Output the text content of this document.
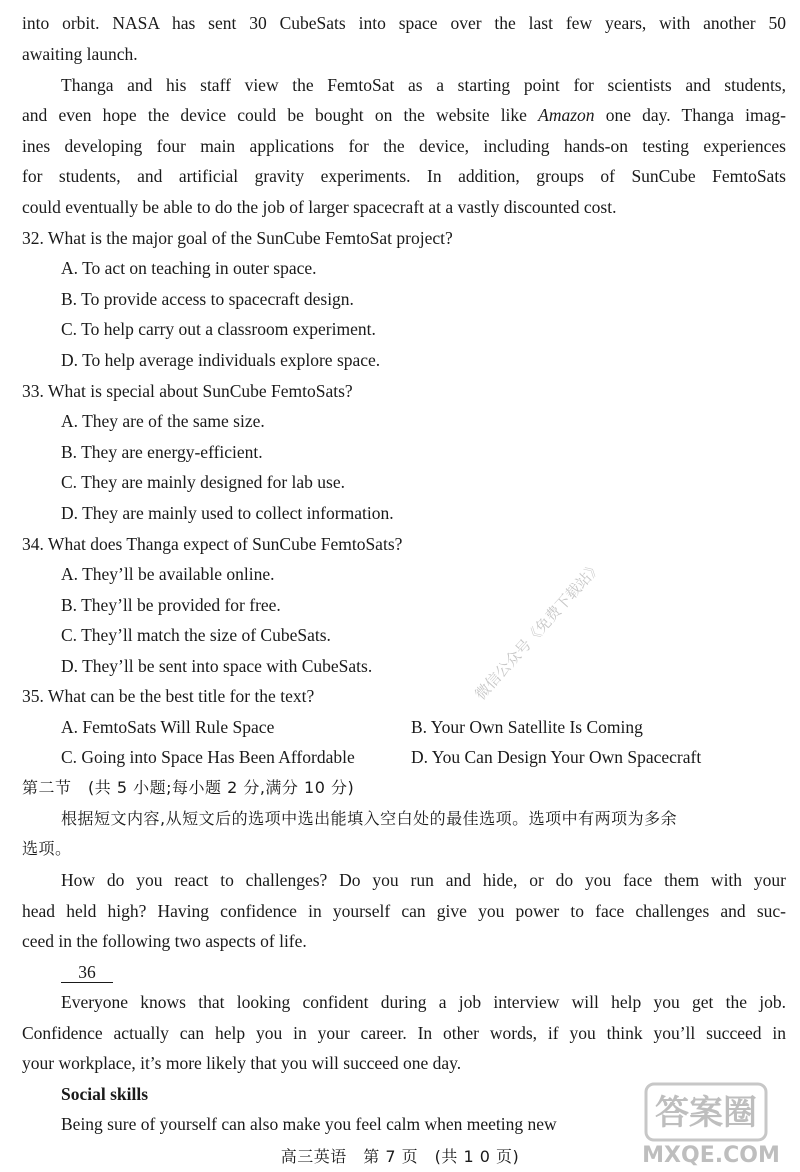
into orbit. NASA has sent 30 CubeSats into space over the last few years, with another 50
awaiting launch.
Thanga and his staff view the FemtoSat as a starting point for scientists and students,
and even hope the device could be bought on the website like Amazon one day. Thanga imag-
ines developing four main applications for the device, including hands-on testing experiences
for students, and artificial gravity experiments. In addition, groups of SunCube FemtoSats
could eventually be able to do the job of larger spacecraft at a vastly discounted cost.
32. What is the major goal of the SunCube FemtoSat project?
A. To act on teaching in outer space.
B. To provide access to spacecraft design.
C. To help carry out a classroom experiment.
D. To help average individuals explore space.
33. What is special about SunCube FemtoSats?
A. They are of the same size.
B. They are energy-efficient.
C. They are mainly designed for lab use.
D. They are mainly used to collect information.
34. What does Thanga expect of SunCube FemtoSats?
A. They’ll be available online.
B. They’ll be provided for free.
C. They’ll match the size of CubeSats.
D. They’ll be sent into space with CubeSats.
35. What can be the best title for the text?
A. FemtoSats Will Rule Space	B. Your Own Satellite Is Coming
C. Going into Space Has Been Affordable	D. You Can Design Your Own Spacecraft
第二节　(共 5 小题;每小题 2 分,满分 10 分)
根据短文内容,从短文后的选项中选出能填入空白处的最佳选项。选项中有两项为多余
选项。
How do you react to challenges? Do you run and hide, or do you face them with your
head held high? Having confidence in yourself can give you power to face challenges and suc-
ceed in the following two aspects of life.
36
Everyone knows that looking confident during a job interview will help you get the job.
Confidence actually can help you in your career. In other words, if you think you’ll succeed in
your workplace, it’s more likely that you will succeed one day.
Social skills
Being sure of yourself can also make you feel calm when meeting new
微信公众号《免费下载站》
答案圈
MXQE.COM
高三英语　第 7 页　(共 1 0 页)
